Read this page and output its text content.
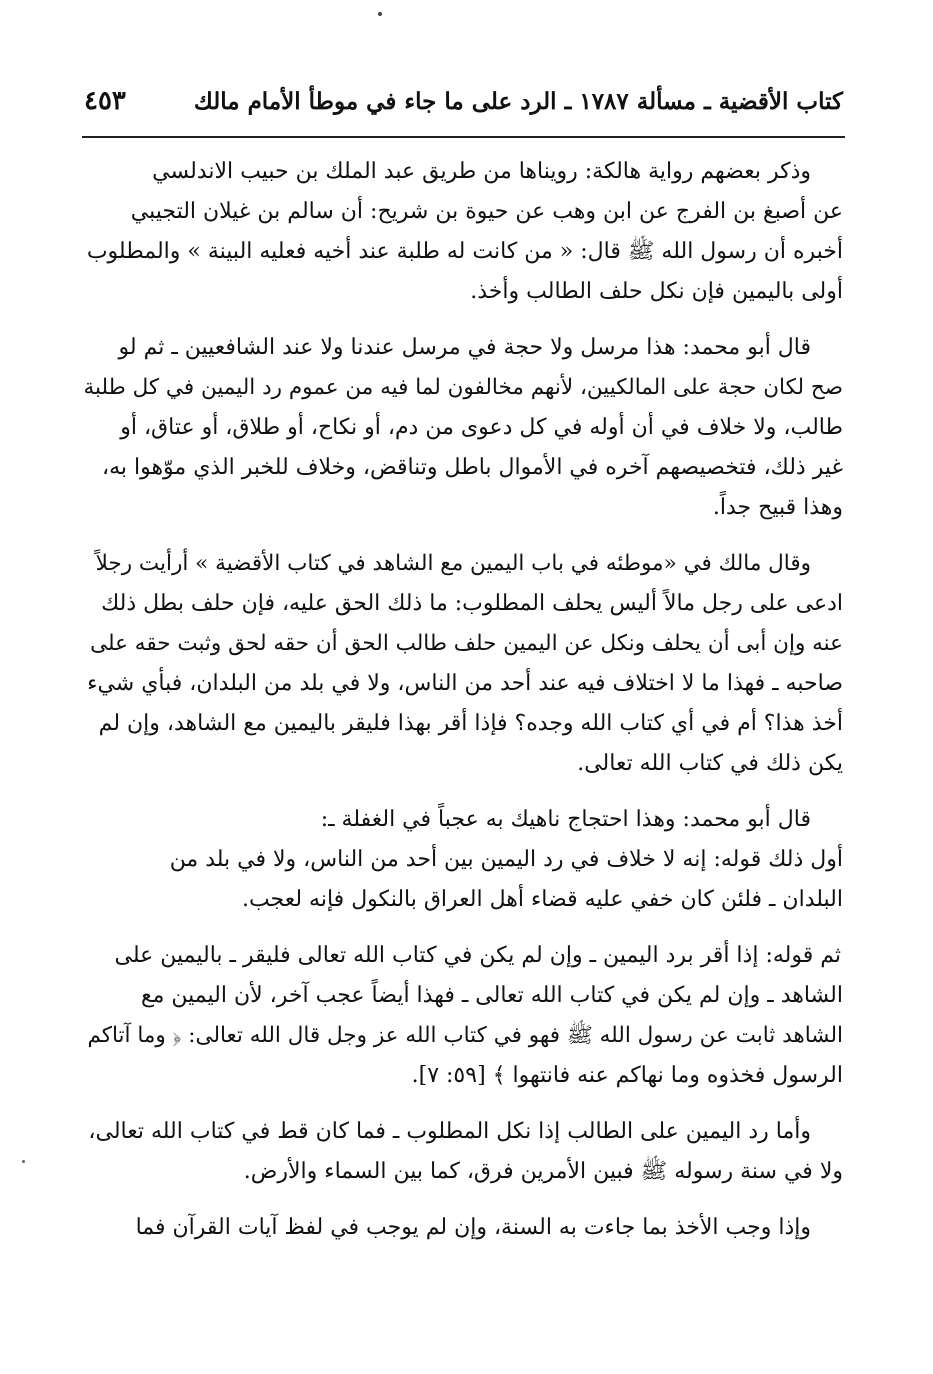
كتاب الأقضية ـ مسألة ١٧٨٧ ـ الرد على ما جاء في موطأ الأمام مالك
٤٥٣
وذكر بعضهم رواية هالكة: رويناها من طريق عبد الملك بن حبيب الاندلسي
عن أصبغ بن الفرج عن ابن وهب عن حيوة بن شريح: أن سالم بن غيلان التجيبي
أخبره أن رسول الله ﷺ قال: « من كانت له طلبة عند أخيه فعليه البينة » والمطلوب
أولى باليمين فإن نكل حلف الطالب وأخذ.
قال أبو محمد: هذا مرسل ولا حجة في مرسل عندنا ولا عند الشافعيين ـ ثم لو
صح لكان حجة على المالكيين، لأنهم مخالفون لما فيه من عموم رد اليمين في كل طلبة
طالب، ولا خلاف في أن أوله في كل دعوى من دم، أو نكاح، أو طلاق، أو عتاق، أو
غير ذلك، فتخصيصهم آخره في الأموال باطل وتناقض، وخلاف للخبر الذي موّهوا به،
وهذا قبيح جداً.
وقال مالك في «موطئه في باب اليمين مع الشاهد في كتاب الأقضية » أرأيت رجلاً
ادعى على رجل مالاً أليس يحلف المطلوب: ما ذلك الحق عليه، فإن حلف بطل ذلك
عنه وإن أبى أن يحلف ونكل عن اليمين حلف طالب الحق أن حقه لحق وثبت حقه على
صاحبه ـ فهذا ما لا اختلاف فيه عند أحد من الناس، ولا في بلد من البلدان، فبأي شيء
أخذ هذا؟ أم في أي كتاب الله وجده؟ فإذا أقر بهذا فليقر باليمين مع الشاهد، وإن لم
يكن ذلك في كتاب الله تعالى.
قال أبو محمد: وهذا احتجاج ناهيك به عجباً في الغفلة ـ:
أول ذلك قوله: إنه لا خلاف في رد اليمين بين أحد من الناس، ولا في بلد من
البلدان ـ فلئن كان خفي عليه قضاء أهل العراق بالنكول فإنه لعجب.
ثم قوله: إذا أقر برد اليمين ـ وإن لم يكن في كتاب الله تعالى فليقر ـ باليمين على
الشاهد ـ وإن لم يكن في كتاب الله تعالى ـ فهذا أيضاً عجب آخر، لأن اليمين مع
الشاهد ثابت عن رسول الله ﷺ فهو في كتاب الله عز وجل قال الله تعالى: ﴿ وما آتاكم
الرسول فخذوه وما نهاكم عنه فانتهوا ﴾ [٥٩: ٧].
وأما رد اليمين على الطالب إذا نكل المطلوب ـ فما كان قط في كتاب الله تعالى،
ولا في سنة رسوله ﷺ فبين الأمرين فرق، كما بين السماء والأرض.
وإذا وجب الأخذ بما جاءت به السنة، وإن لم يوجب في لفظ آيات القرآن فما
